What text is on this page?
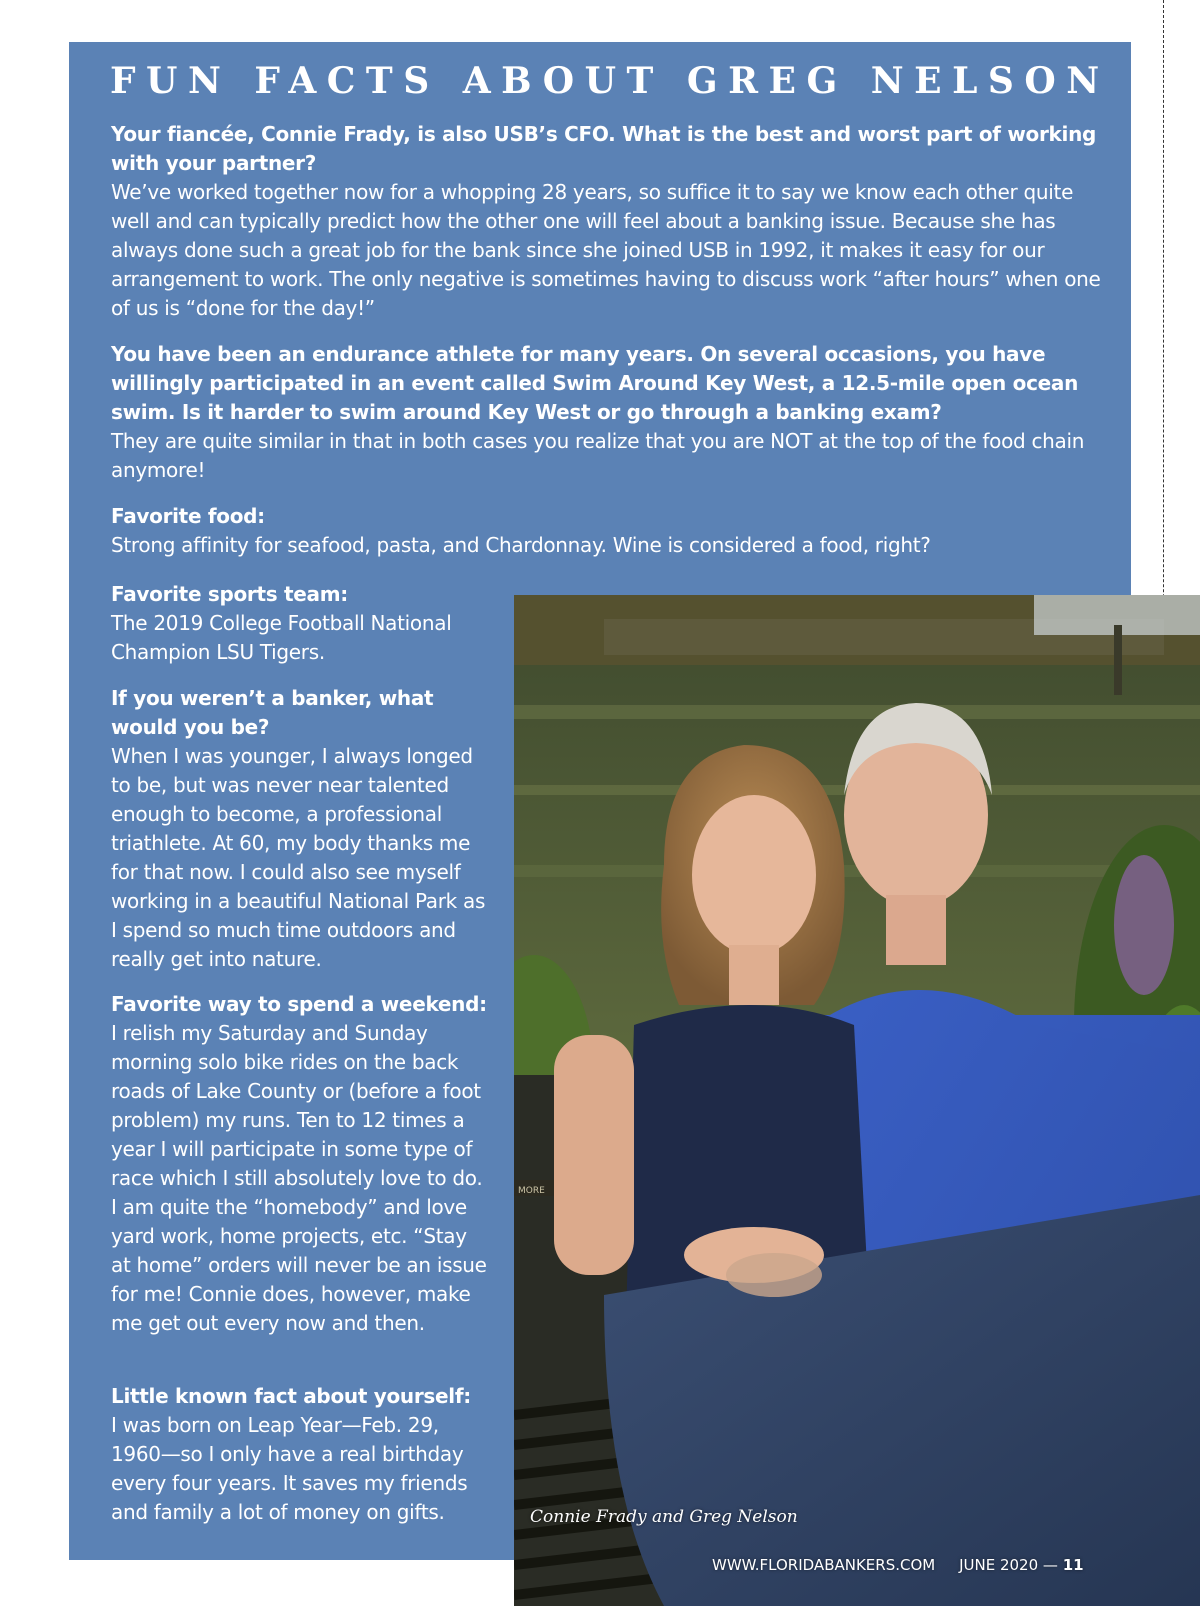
FUN FACTS ABOUT GREG NELSON

Your fiancée, Connie Frady, is also USB’s CFO. What is the best and worst part of working with your partner?

We’ve worked together now for a whopping 28 years, so suffice it to say we know each other quite well and can typically predict how the other one will feel about a banking issue. Because she has always done such a great job for the bank since she joined USB in 1992, it makes it easy for our arrangement to work. The only negative is sometimes having to discuss work “after hours” when one of us is “done for the day!”

You have been an endurance athlete for many years. On several occasions, you have willingly participated in an event called Swim Around Key West, a 12.5-mile open ocean swim. Is it harder to swim around Key West or go through a banking exam?

They are quite similar in that in both cases you realize that you are NOT at the top of the food chain anymore!

Favorite food:

Strong affinity for seafood, pasta, and Chardonnay. Wine is considered a food, right?

Favorite sports team:

The 2019 College Football National Champion LSU Tigers.

If you weren’t a banker, what would you be?

When I was younger, I always longed to be, but was never near talented enough to become, a professional triathlete. At 60, my body thanks me for that now. I could also see myself working in a beautiful National Park as I spend so much time outdoors and really get into nature.

Favorite way to spend a weekend:

I relish my Saturday and Sunday morning solo bike rides on the back roads of Lake County or (before a foot problem) my runs. Ten to 12 times a year I will participate in some type of race which I still absolutely love to do. I am quite the “homebody” and love yard work, home projects, etc. “Stay at home” orders will never be an issue for me! Connie does, however, make me get out every now and then.

Little known fact about yourself:

I was born on Leap Year—Feb. 29, 1960—so I only have a real birthday every four years. It saves my friends and family a lot of money on gifts.

MORE
Connie Frady and Greg Nelson
WWW.FLORIDABANKERS.COM JUNE 2020 — 11
